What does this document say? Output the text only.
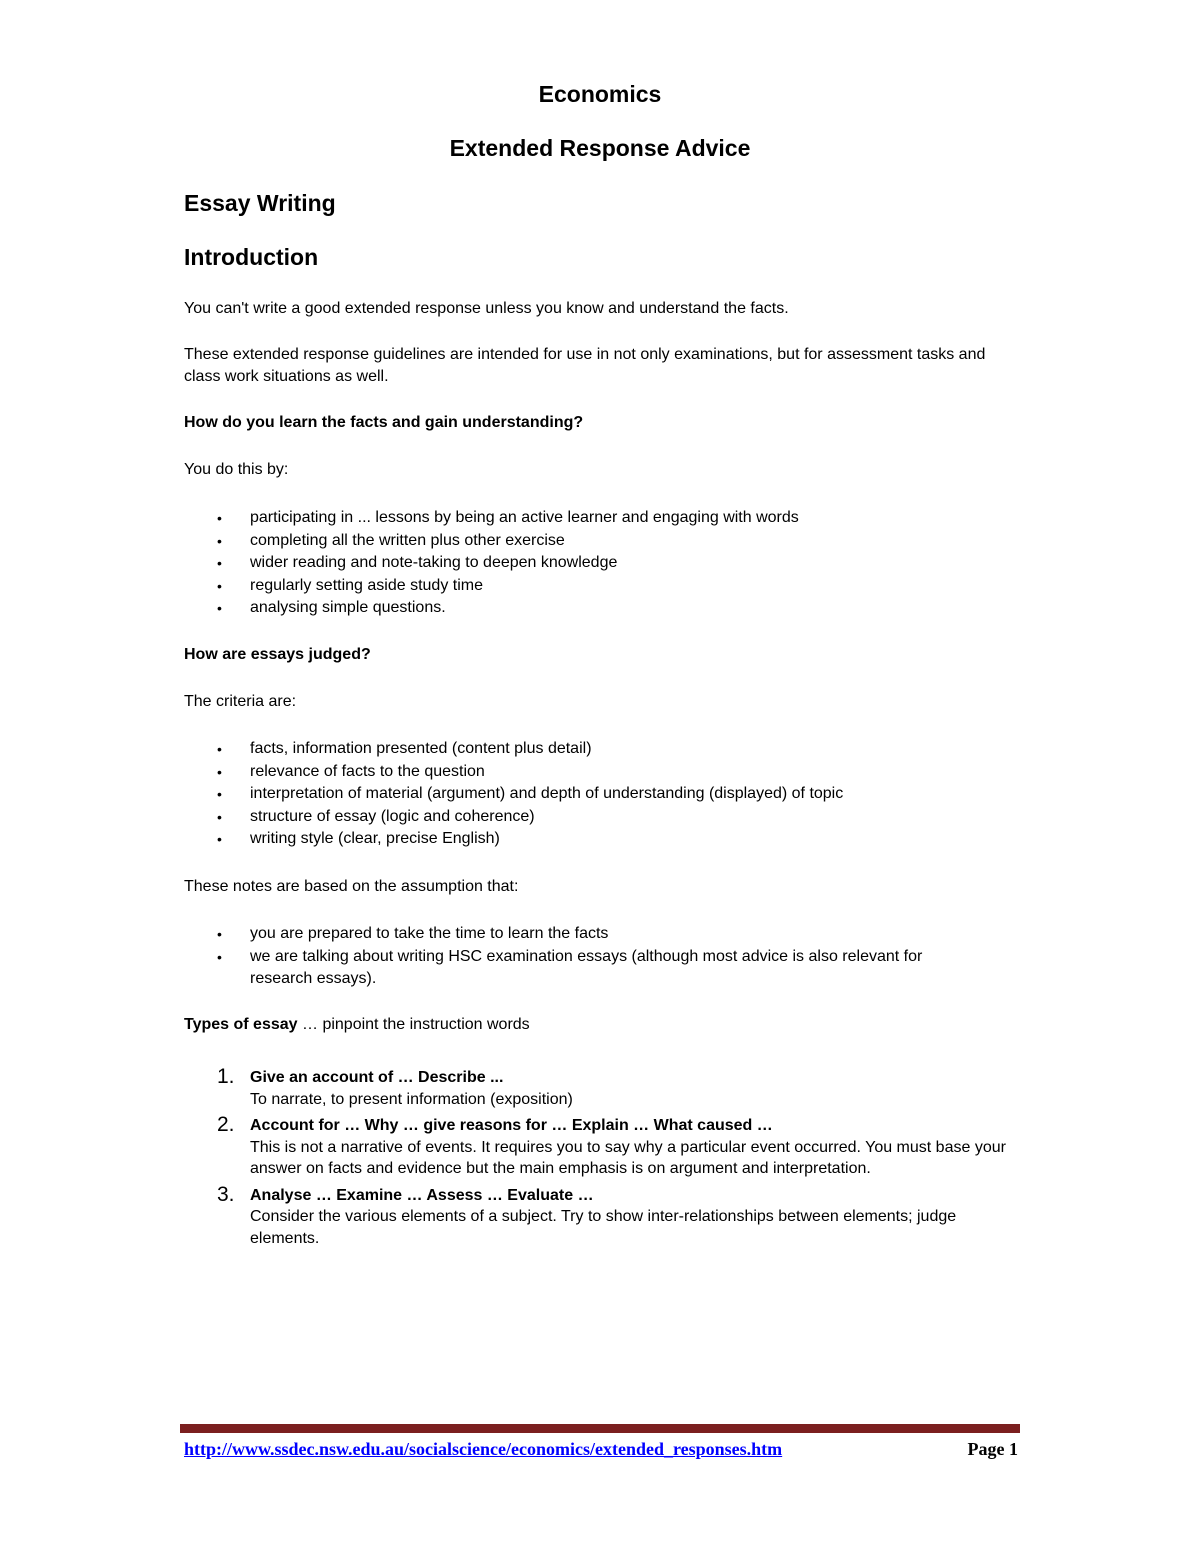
Economics
Extended Response Advice
Essay Writing
Introduction
You can't write a good extended response unless you know and understand the facts.
These extended response guidelines are intended for use in not only examinations, but for assessment tasks and class work situations as well.
How do you learn the facts and gain understanding?
You do this by:
• participating in ... lessons by being an active learner and engaging with words
• completing all the written plus other exercise
• wider reading and note-taking to deepen knowledge
• regularly setting aside study time
• analysing simple questions.
How are essays judged?
The criteria are:
• facts, information presented (content plus detail)
• relevance of facts to the question
• interpretation of material (argument) and depth of understanding (displayed) of topic
• structure of essay (logic and coherence)
• writing style (clear, precise English)
These notes are based on the assumption that:
• you are prepared to take the time to learn the facts
• we are talking about writing HSC examination essays (although most advice is also relevant for research essays).
Types of essay … pinpoint the instruction words
1. Give an account of … Describe ...
To narrate, to present information (exposition)
2. Account for … Why … give reasons for … Explain … What caused …
This is not a narrative of events. It requires you to say why a particular event occurred. You must base your answer on facts and evidence but the main emphasis is on argument and interpretation.
3. Analyse … Examine … Assess … Evaluate …
Consider the various elements of a subject. Try to show inter-relationships between elements; judge elements.
http://www.ssdec.nsw.edu.au/socialscience/economics/extended_responses.htm	Page 1
